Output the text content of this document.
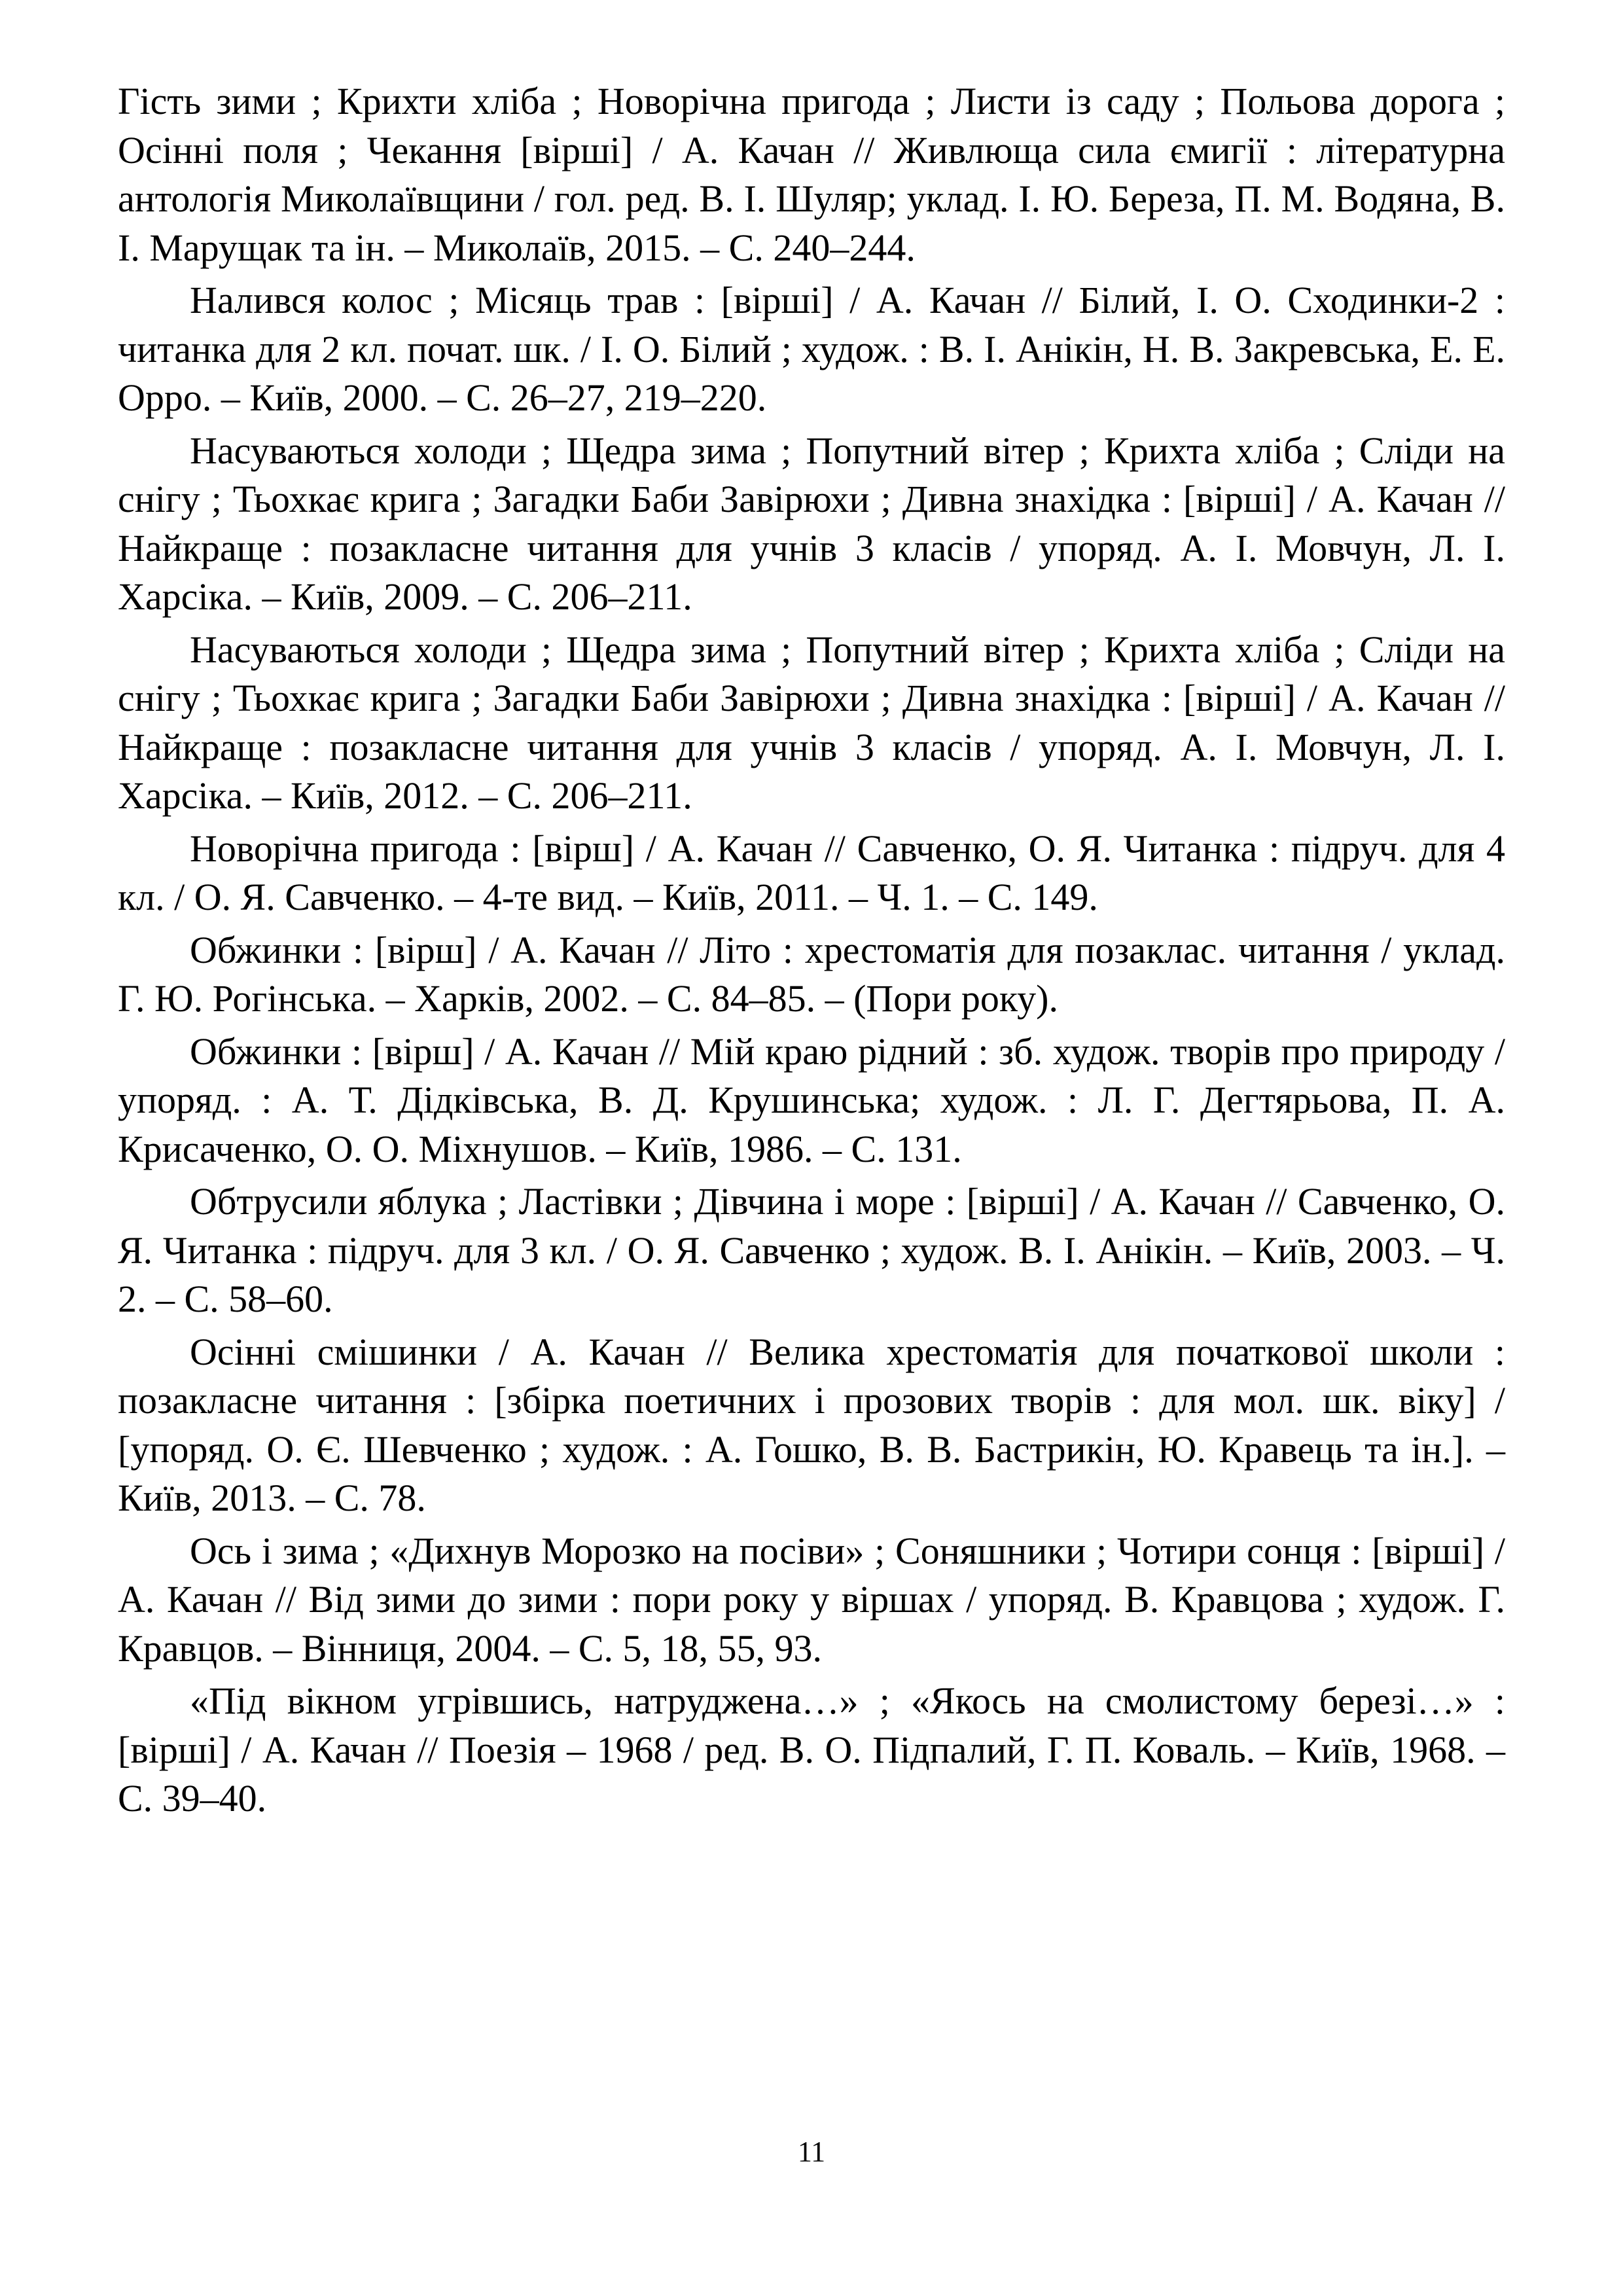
Гість зими ; Крихти хліба ; Новорічна пригода ; Листи із саду ; Польова дорога ; Осінні поля ; Чекання [вірші] / А. Качан // Живлюща сила ємигії : літературна антологія Миколаївщини / гол. ред. В. І. Шуляр; уклад. І. Ю. Береза, П. М. Водяна, В. І. Марущак та ін. – Миколаїв, 2015. – С. 240–244.

Налився колос ; Місяць трав : [вірші] / А. Качан // Білий, І. О. Сходинки-2 : читанка для 2 кл. почат. шк. / І. О. Білий ; худож. : В. І. Анікін, Н. В. Закревська, Е. Е. Орро. – Київ, 2000. – С. 26–27, 219–220.

Насуваються холоди ; Щедра зима ; Попутний вітер ; Крихта хліба ; Сліди на снігу ; Тьохкає крига ; Загадки Баби Завірюхи ; Дивна знахідка : [вірші] / А. Качан // Найкраще : позакласне читання для учнів 3 класів / упоряд. А. І. Мовчун, Л. І. Харсіка. – Київ, 2009. – С. 206–211.

Насуваються холоди ; Щедра зима ; Попутний вітер ; Крихта хліба ; Сліди на снігу ; Тьохкає крига ; Загадки Баби Завірюхи ; Дивна знахідка : [вірші] / А. Качан // Найкраще : позакласне читання для учнів 3 класів / упоряд. А. І. Мовчун, Л. І. Харсіка. – Київ, 2012. – С. 206–211.

Новорічна пригода : [вірш] / А. Качан // Савченко, О. Я. Читанка : підруч. для 4 кл. / О. Я. Савченко. – 4-те вид. – Київ, 2011. – Ч. 1. – С. 149.

Обжинки : [вірш] / А. Качан // Літо : хрестоматія для позаклас. читання / уклад. Г. Ю. Рогінська. – Харків, 2002. – С. 84–85. – (Пори року).

Обжинки : [вірш] / А. Качан // Мій краю рідний : зб. худож. творів про природу / упоряд. : А. Т. Дідківська, В. Д. Крушинська; худож. : Л. Г. Дегтярьова, П. А. Крисаченко, О. О. Міхнушов. – Київ, 1986. – С. 131.

Обтрусили яблука ; Ластівки ; Дівчина і море : [вірші] / А. Качан // Савченко, О. Я. Читанка : підруч. для 3 кл. / О. Я. Савченко ; худож. В. І. Анікін. – Київ, 2003. – Ч. 2. – С. 58–60.

Осінні смішинки / А. Качан // Велика хрестоматія для початкової школи : позакласне читання : [збірка поетичних і прозових творів : для мол. шк. віку] / [упоряд. О. Є. Шевченко ; худож. : А. Гошко, В. В. Бастрикін, Ю. Кравець та ін.]. – Київ, 2013. – С. 78.

Ось і зима ; «Дихнув Морозко на посіви» ; Соняшники ; Чотири сонця : [вірші] / А. Качан // Від зими до зими : пори року у віршах / упоряд. В. Кравцова ; худож. Г. Кравцов. – Вінниця, 2004. – С. 5, 18, 55, 93.

«Під вікном угрівшись, натруджена…» ; «Якось на смолистому березі…» : [вірші] / А. Качан // Поезія – 1968 / ред. В. О. Підпалий, Г. П. Коваль. – Київ, 1968. – С. 39–40.

11
